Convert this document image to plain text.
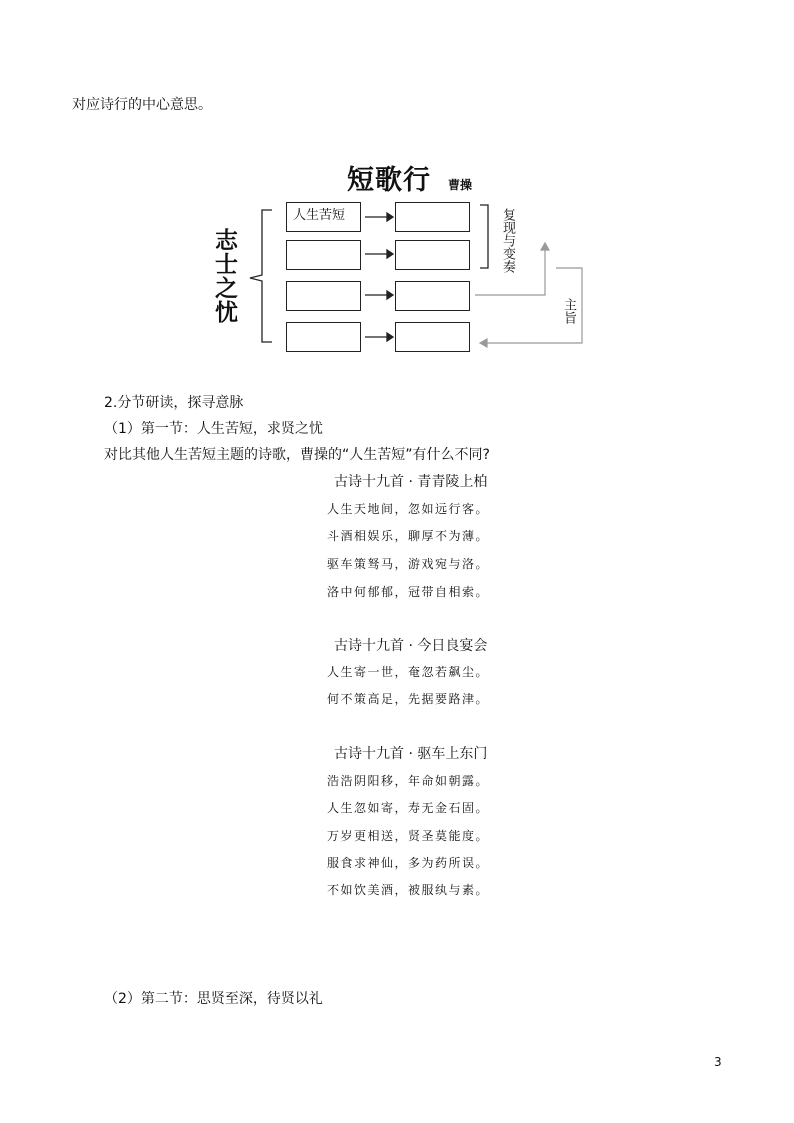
对应诗行的中心意思。
短歌行 曹操
志士之忧
人生苦短	复现与变奏
主旨
2.分节研读，探寻意脉
（1）第一节：人生苦短，求贤之忧
对比其他人生苦短主题的诗歌，曹操的“人生苦短”有什么不同?
古诗十九首 · 青青陵上柏
人生天地间，忽如远行客。
斗酒相娱乐，聊厚不为薄。
驱车策驽马，游戏宛与洛。
洛中何郁郁，冠带自相索。
古诗十九首 · 今日良宴会
人生寄一世，奄忽若飙尘。
何不策高足，先据要路津。
古诗十九首 · 驱车上东门
浩浩阴阳移，年命如朝露。
人生忽如寄，寿无金石固。
万岁更相送，贤圣莫能度。
服食求神仙，多为药所误。
不如饮美酒，被服纨与素。
（2）第二节：思贤至深，待贤以礼
3
